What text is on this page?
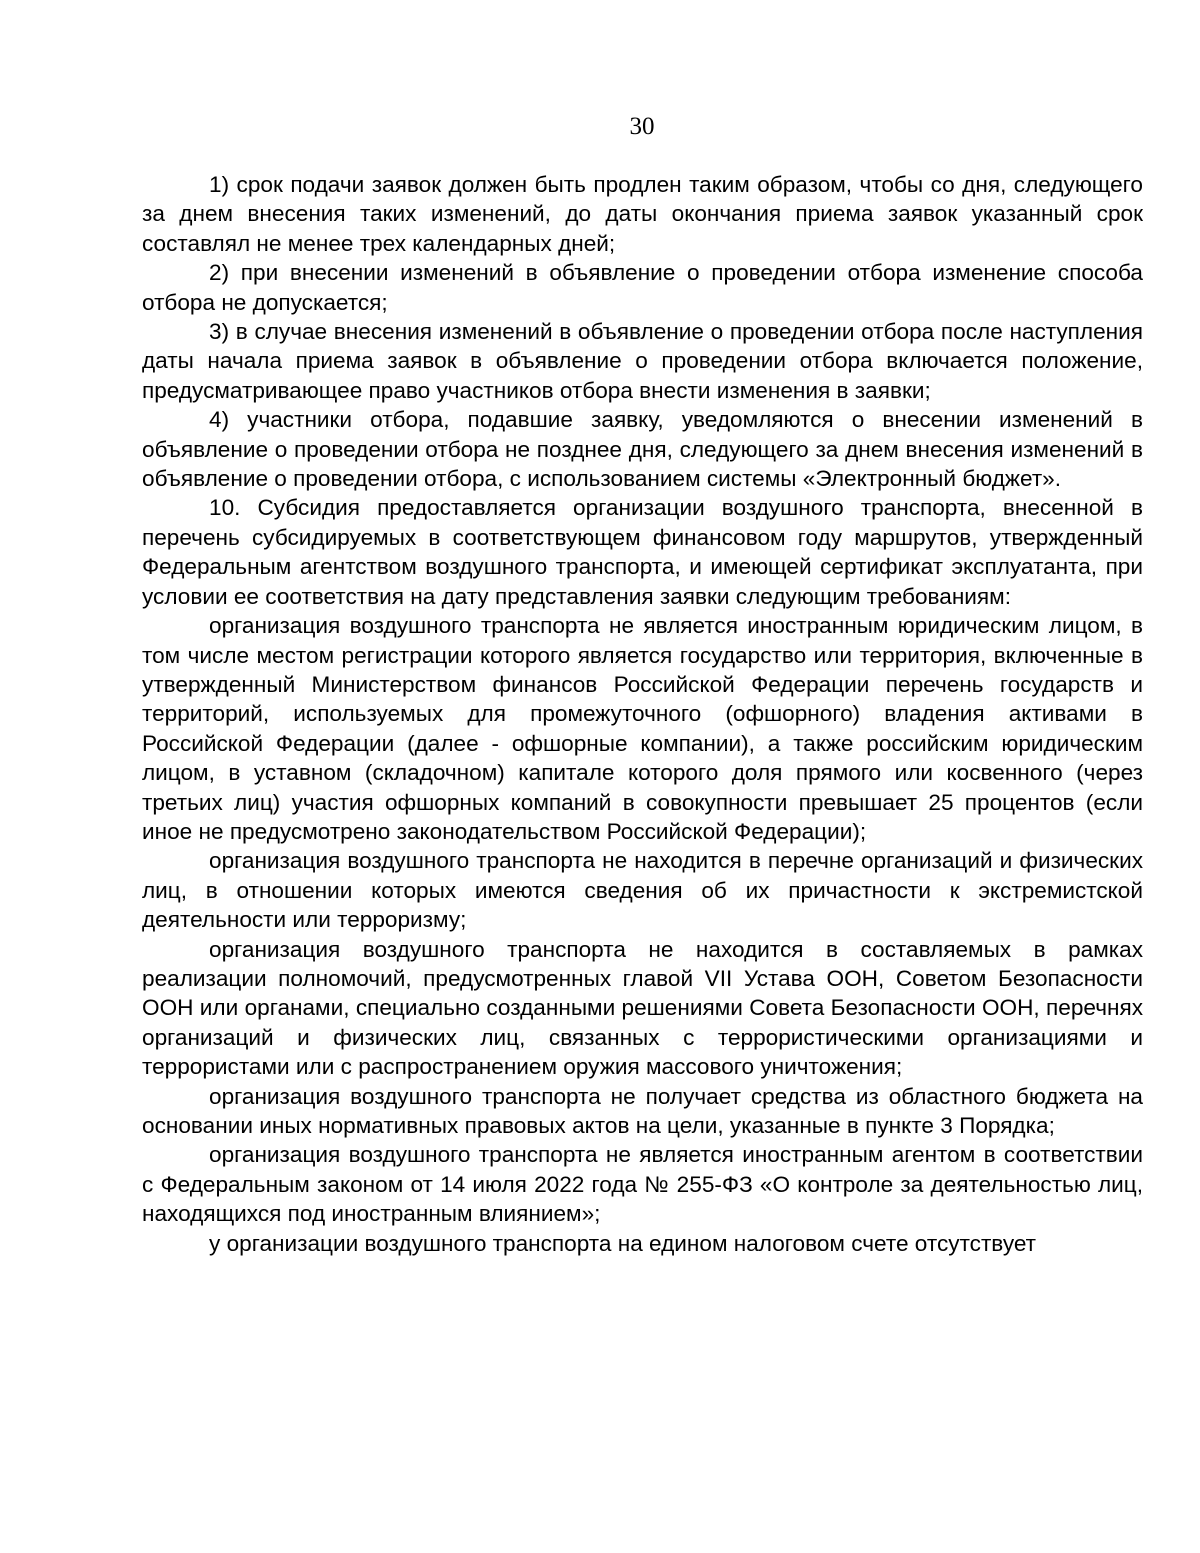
30

1) срок подачи заявок должен быть продлен таким образом, чтобы со дня, следующего за днем внесения таких изменений, до даты окончания приема заявок указанный срок составлял не менее трех календарных дней;

2) при внесении изменений в объявление о проведении отбора изменение способа отбора не допускается;

3) в случае внесения изменений в объявление о проведении отбора после наступления даты начала приема заявок в объявление о проведении отбора включается положение, предусматривающее право участников отбора внести изменения в заявки;

4) участники отбора, подавшие заявку, уведомляются о внесении изменений в объявление о проведении отбора не позднее дня, следующего за днем внесения изменений в объявление о проведении отбора, с использованием системы «Электронный бюджет».

10. Субсидия предоставляется организации воздушного транспорта, внесенной в перечень субсидируемых в соответствующем финансовом году маршрутов, утвержденный Федеральным агентством воздушного транспорта, и имеющей сертификат эксплуатанта, при условии ее соответствия на дату представления заявки следующим требованиям:

организация воздушного транспорта не является иностранным юридическим лицом, в том числе местом регистрации которого является государство или территория, включенные в утвержденный Министерством финансов Российской Федерации перечень государств и территорий, используемых для промежуточного (офшорного) владения активами в Российской Федерации (далее - офшорные компании), а также российским юридическим лицом, в уставном (складочном) капитале которого доля прямого или косвенного (через третьих лиц) участия офшорных компаний в совокупности превышает 25 процентов (если иное не предусмотрено законодательством Российской Федерации);

организация воздушного транспорта не находится в перечне организаций и физических лиц, в отношении которых имеются сведения об их причастности к экстремистской деятельности или терроризму;

организация воздушного транспорта не находится в составляемых в рамках реализации полномочий, предусмотренных главой VII Устава ООН, Советом Безопасности ООН или органами, специально созданными решениями Совета Безопасности ООН, перечнях организаций и физических лиц, связанных с террористическими организациями и террористами или с распространением оружия массового уничтожения;

организация воздушного транспорта не получает средства из областного бюджета на основании иных нормативных правовых актов на цели, указанные в пункте 3 Порядка;

организация воздушного транспорта не является иностранным агентом в соответствии с Федеральным законом от 14 июля 2022 года № 255-ФЗ «О контроле за деятельностью лиц, находящихся под иностранным влиянием»;

у организации воздушного транспорта на едином налоговом счете отсутствует
